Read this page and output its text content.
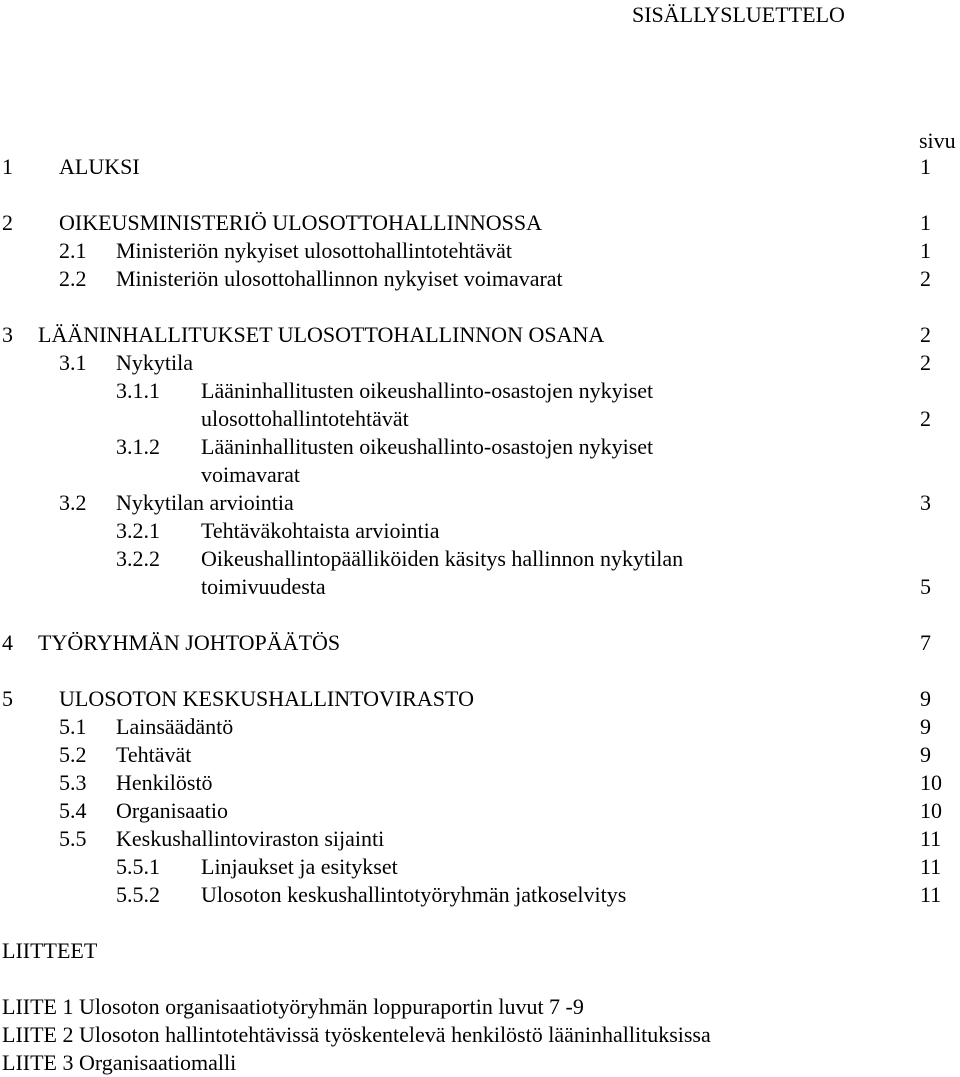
SISÄLLYSLUETTELO
sivu
1 ALUKSI	1
2 OIKEUSMINISTERIÖ ULOSOTTOHALLINNOSSA	1
2.1 Ministeriön nykyiset ulosottohallintotehtävät	1
2.2 Ministeriön ulosottohallinnon nykyiset voimavarat	2
3 LÄÄNINHALLITUKSET ULOSOTTOHALLINNON OSANA	2
3.1 Nykytila	2
3.1.1 Lääninhallitusten oikeushallinto-osastojen nykyiset
ulosottohallintotehtävät	2
3.1.2 Lääninhallitusten oikeushallinto-osastojen nykyiset
voimavarat
3.2 Nykytilan arviointia	3
3.2.1 Tehtäväkohtaista arviointia
3.2.2 Oikeushallintopäälliköiden käsitys hallinnon nykytilan
toimivuudesta	5
4 TYÖRYHMÄN JOHTOPÄÄTÖS	7
5 ULOSOTON KESKUSHALLINTOVIRASTO	9
5.1 Lainsäädäntö	9
5.2 Tehtävät	9
5.3 Henkilöstö	10
5.4 Organisaatio	10
5.5 Keskushallintoviraston sijainti	11
5.5.1 Linjaukset ja esitykset	11
5.5.2 Ulosoton keskushallintotyöryhmän jatkoselvitys	11
LIITTEET
LIITE 1 Ulosoton organisaatiotyöryhmän loppuraportin luvut 7 -9
LIITE 2 Ulosoton hallintotehtävissä työskentelevä henkilöstö lääninhallituksissa
LIITE 3 Organisaatiomalli
